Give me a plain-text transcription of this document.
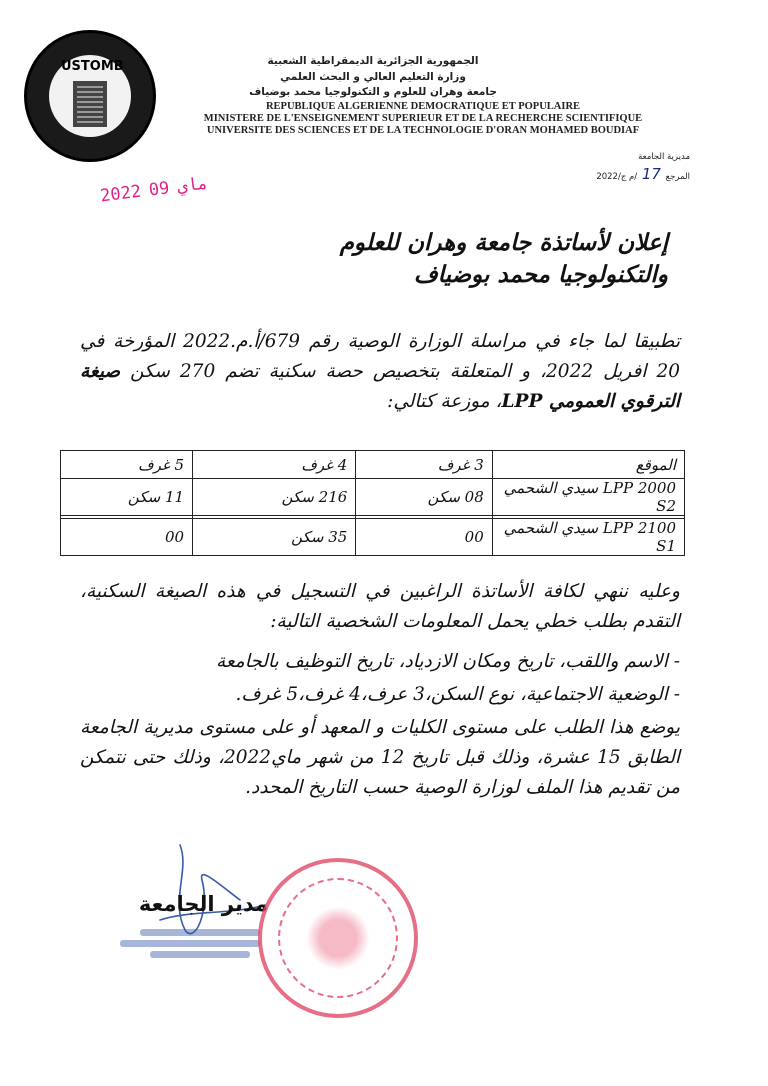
USTOMB	الجمهورية الجزائرية الديمقراطية الشعبية
وزارة التعليم العالي و البحث العلمي
جامعة وهران للعلوم و التكنولوجيا محمد بوضياف
REPUBLIQUE ALGERIENNE DEMOCRATIQUE ET POPULAIRE
MINISTERE DE L'ENSEIGNEMENT SUPERIEUR ET DE LA RECHERCHE SCIENTIFIQUE
UNIVERSITE DES SCIENCES ET DE LA TECHNOLOGIE D'ORAN MOHAMED BOUDIAF
مديرية الجامعة
المرجع 17 /م ج/2022
2022 ماي09
إعلان لأساتذة جامعة وهران للعلوم
والتكنولوجيا محمد بوضياف
تطبيقا لما جاء في مراسلة الوزارة الوصية رقم 679/أ.م.2022 المؤرخة في 20 افريل 2022، و المتعلقة بتخصيص حصة سكنية تضم 270 سكن صيغة الترقوي العمومي LPP، موزعة كتالي:
الموقع	3 غرف	4 غرف	5 غرف
LPP 2000 سيدي الشحمي S2	08 سكن	216 سكن	11 سكن

LPP 2100 سيدي الشحمي S1	00	35 سكن	00
وعليه ننهي لكافة الأساتذة الراغبين في التسجيل في هذه الصيغة السكنية، التقدم بطلب خطي يحمل المعلومات الشخصية التالية:
- الاسم واللقب، تاريخ ومكان الازدياد، تاريخ التوظيف بالجامعة
- الوضعية الاجتماعية، نوع السكن،3 عرف،4 غرف،5 غرف.
يوضع هذا الطلب على مستوى الكليات و المعهد أو على مستوى مديرية الجامعة الطابق 15 عشرة، وذلك قبل تاريخ 12 من شهر ماي2022، وذلك حتى نتمكن من تقديم هذا الملف لوزارة الوصية حسب التاريخ المحدد.
مدير الجامعة
